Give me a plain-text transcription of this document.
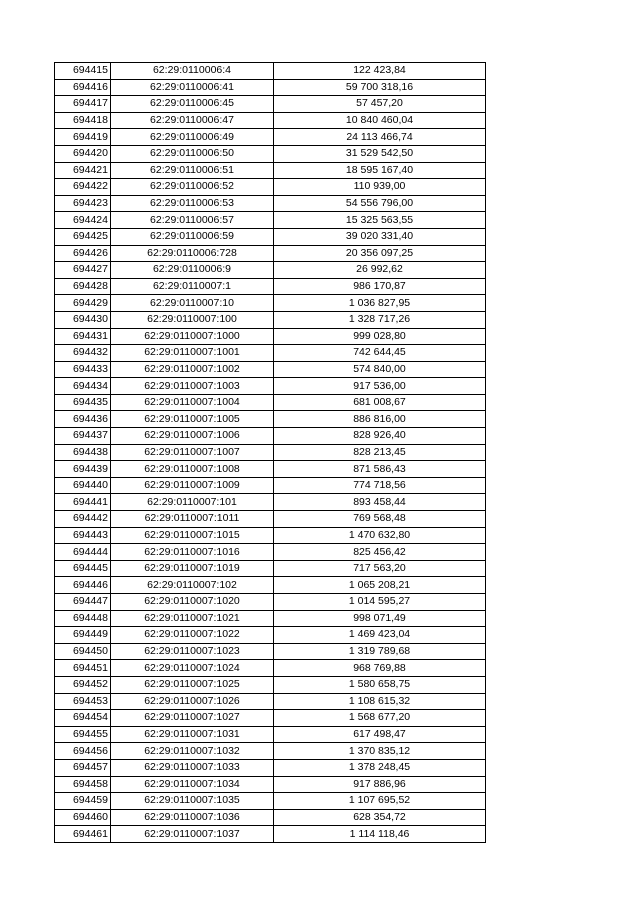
694415	62:29:0110006:4	122 423,84
694416	62:29:0110006:41	59 700 318,16
694417	62:29:0110006:45	57 457,20
694418	62:29:0110006:47	10 840 460,04
694419	62:29:0110006:49	24 113 466,74
694420	62:29:0110006:50	31 529 542,50
694421	62:29:0110006:51	18 595 167,40
694422	62:29:0110006:52	110 939,00
694423	62:29:0110006:53	54 556 796,00
694424	62:29:0110006:57	15 325 563,55
694425	62:29:0110006:59	39 020 331,40
694426	62:29:0110006:728	20 356 097,25
694427	62:29:0110006:9	26 992,62
694428	62:29:0110007:1	986 170,87
694429	62:29:0110007:10	1 036 827,95
694430	62:29:0110007:100	1 328 717,26
694431	62:29:0110007:1000	999 028,80
694432	62:29:0110007:1001	742 644,45
694433	62:29:0110007:1002	574 840,00
694434	62:29:0110007:1003	917 536,00
694435	62:29:0110007:1004	681 008,67
694436	62:29:0110007:1005	886 816,00
694437	62:29:0110007:1006	828 926,40
694438	62:29:0110007:1007	828 213,45
694439	62:29:0110007:1008	871 586,43
694440	62:29:0110007:1009	774 718,56
694441	62:29:0110007:101	893 458,44
694442	62:29:0110007:1011	769 568,48
694443	62:29:0110007:1015	1 470 632,80
694444	62:29:0110007:1016	825 456,42
694445	62:29:0110007:1019	717 563,20
694446	62:29:0110007:102	1 065 208,21
694447	62:29:0110007:1020	1 014 595,27
694448	62:29:0110007:1021	998 071,49
694449	62:29:0110007:1022	1 469 423,04
694450	62:29:0110007:1023	1 319 789,68
694451	62:29:0110007:1024	968 769,88
694452	62:29:0110007:1025	1 580 658,75
694453	62:29:0110007:1026	1 108 615,32
694454	62:29:0110007:1027	1 568 677,20
694455	62:29:0110007:1031	617 498,47
694456	62:29:0110007:1032	1 370 835,12
694457	62:29:0110007:1033	1 378 248,45
694458	62:29:0110007:1034	917 886,96
694459	62:29:0110007:1035	1 107 695,52
694460	62:29:0110007:1036	628 354,72
694461	62:29:0110007:1037	1 114 118,46
